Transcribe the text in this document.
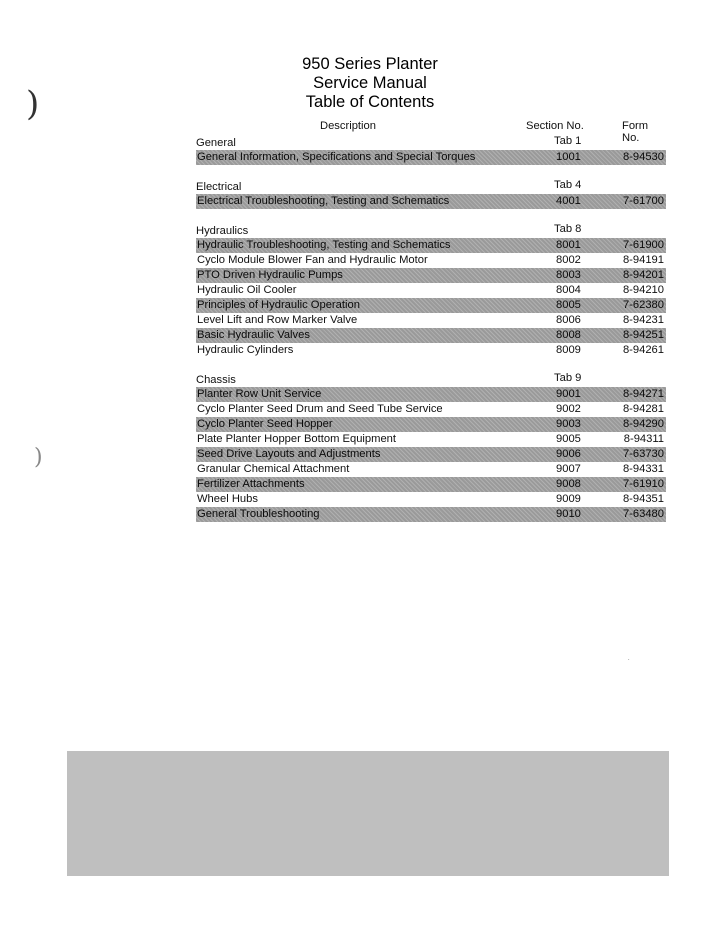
)
)
·
950 Series Planter
Service Manual
Table of Contents
Description	Section No.	Form No.
General	Tab 1
General Information, Specifications and Special Torques	1001	8-94530
Electrical	Tab 4
Electrical Troubleshooting, Testing and Schematics	4001	7-61700
Hydraulics	Tab 8
Hydraulic Troubleshooting, Testing and Schematics	8001	7-61900
Cyclo Module Blower Fan and Hydraulic Motor	8002	8-94191
PTO Driven Hydraulic Pumps	8003	8-94201
Hydraulic Oil Cooler	8004	8-94210
Principles of Hydraulic Operation	8005	7-62380
Level Lift and Row Marker Valve	8006	8-94231
Basic Hydraulic Valves	8008	8-94251
Hydraulic Cylinders	8009	8-94261
Chassis	Tab 9
Planter Row Unit Service	9001	8-94271
Cyclo Planter Seed Drum and Seed Tube Service	9002	8-94281
Cyclo Planter Seed Hopper	9003	8-94290
Plate Planter Hopper Bottom Equipment	9005	8-94311
Seed Drive Layouts and Adjustments	9006	7-63730
Granular Chemical Attachment	9007	8-94331
Fertilizer Attachments	9008	7-61910
Wheel Hubs	9009	8-94351
General Troubleshooting	9010	7-63480
